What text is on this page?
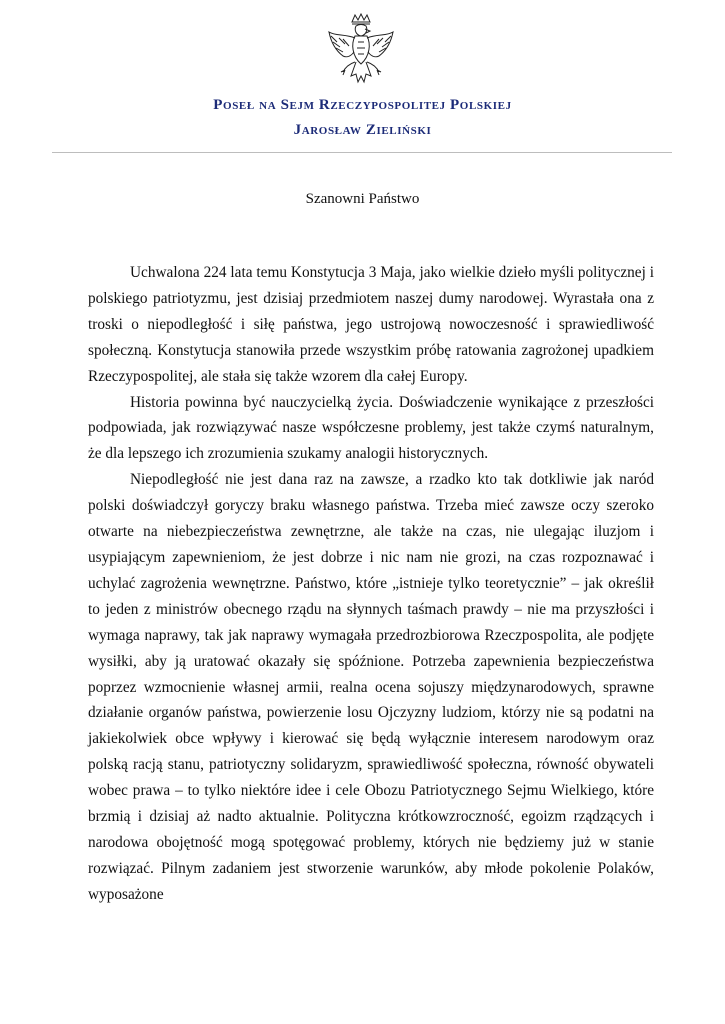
Poseł na Sejm Rzeczypospolitej Polskiej
Jarosław Zieliński
Szanowni Państwo

Uchwalona 224 lata temu Konstytucja 3 Maja, jako wielkie dzieło myśli politycznej i polskiego patriotyzmu, jest dzisiaj przedmiotem naszej dumy narodowej. Wyrastała ona z troski o niepodległość i siłę państwa, jego ustrojową nowoczesność i sprawiedliwość społeczną. Konstytucja stanowiła przede wszystkim próbę ratowania zagrożonej upadkiem Rzeczypospolitej, ale stała się także wzorem dla całej Europy.

Historia powinna być nauczycielką życia. Doświadczenie wynikające z przeszłości podpowiada, jak rozwiązywać nasze współczesne problemy, jest także czymś naturalnym, że dla lepszego ich zrozumienia szukamy analogii historycznych.

Niepodległość nie jest dana raz na zawsze, a rzadko kto tak dotkliwie jak naród polski doświadczył goryczy braku własnego państwa. Trzeba mieć zawsze oczy szeroko otwarte na niebezpieczeństwa zewnętrzne, ale także na czas, nie ulegając iluzjom i usypiającym zapewnieniom, że jest dobrze i nic nam nie grozi, na czas rozpoznawać i uchylać zagrożenia wewnętrzne. Państwo, które „istnieje tylko teoretycznie” – jak określił to jeden z ministrów obecnego rządu na słynnych taśmach prawdy – nie ma przyszłości i wymaga naprawy, tak jak naprawy wymagała przedrozbiorowa Rzeczpospolita, ale podjęte wysiłki, aby ją uratować okazały się spóźnione. Potrzeba zapewnienia bezpieczeństwa poprzez wzmocnienie własnej armii, realna ocena sojuszy międzynarodowych, sprawne działanie organów państwa, powierzenie losu Ojczyzny ludziom, którzy nie są podatni na jakiekolwiek obce wpływy i kierować się będą wyłącznie interesem narodowym oraz polską racją stanu, patriotyczny solidaryzm, sprawiedliwość społeczna, równość obywateli wobec prawa – to tylko niektóre idee i cele Obozu Patriotycznego Sejmu Wielkiego, które brzmią i dzisiaj aż nadto aktualnie. Polityczna krótkowzroczność, egoizm rządzących i narodowa obojętność mogą spotęgować problemy, których nie będziemy już w stanie rozwiązać. Pilnym zadaniem jest stworzenie warunków, aby młode pokolenie Polaków, wyposażone
